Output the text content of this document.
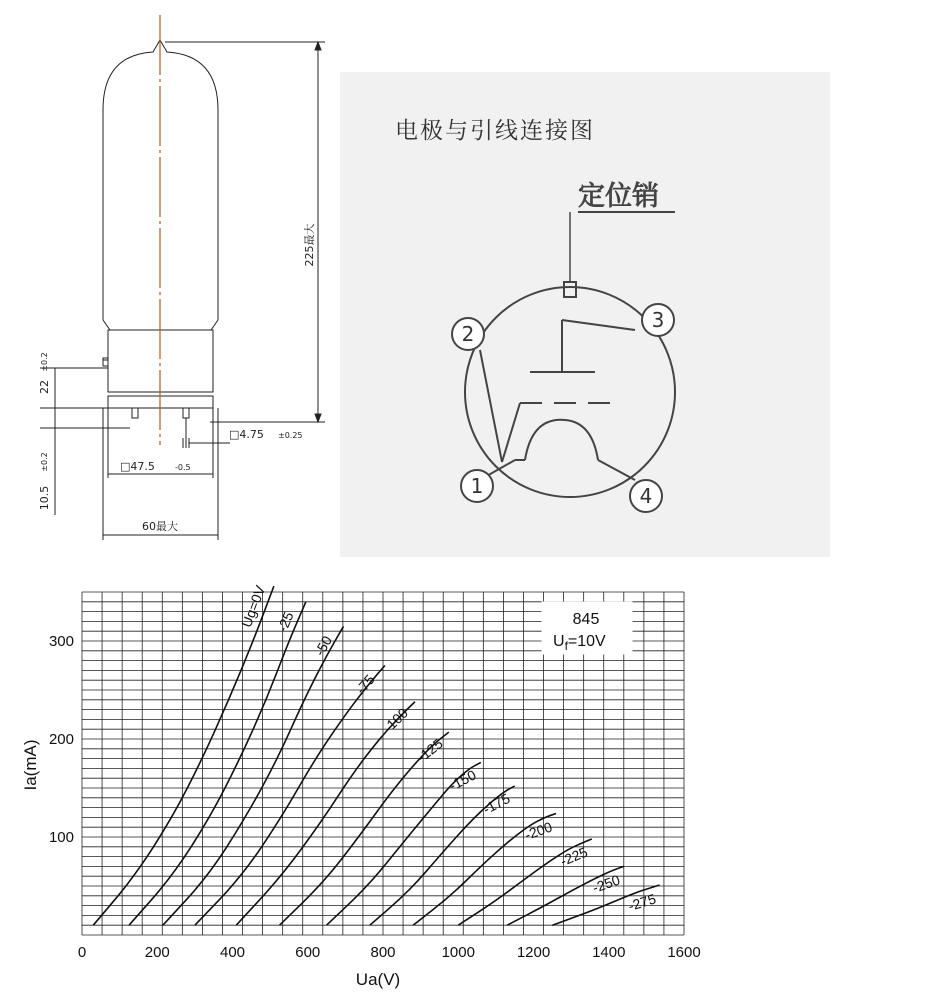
225最大
22
±0.2
10.5
±0.2
□4.75 ±0.25
□47.5	-0.5
60最大
电极与引线连接图
定位销
2
3
1	4
Ug=0V -25
-50
-75
-100
-125
-150
-175
-200
-225
-250
-275
0	200	400	600	800	1000	1200	1400	1600
100
200
300
845
$U_f=10V$
Ua(V)
Ia(mA)
